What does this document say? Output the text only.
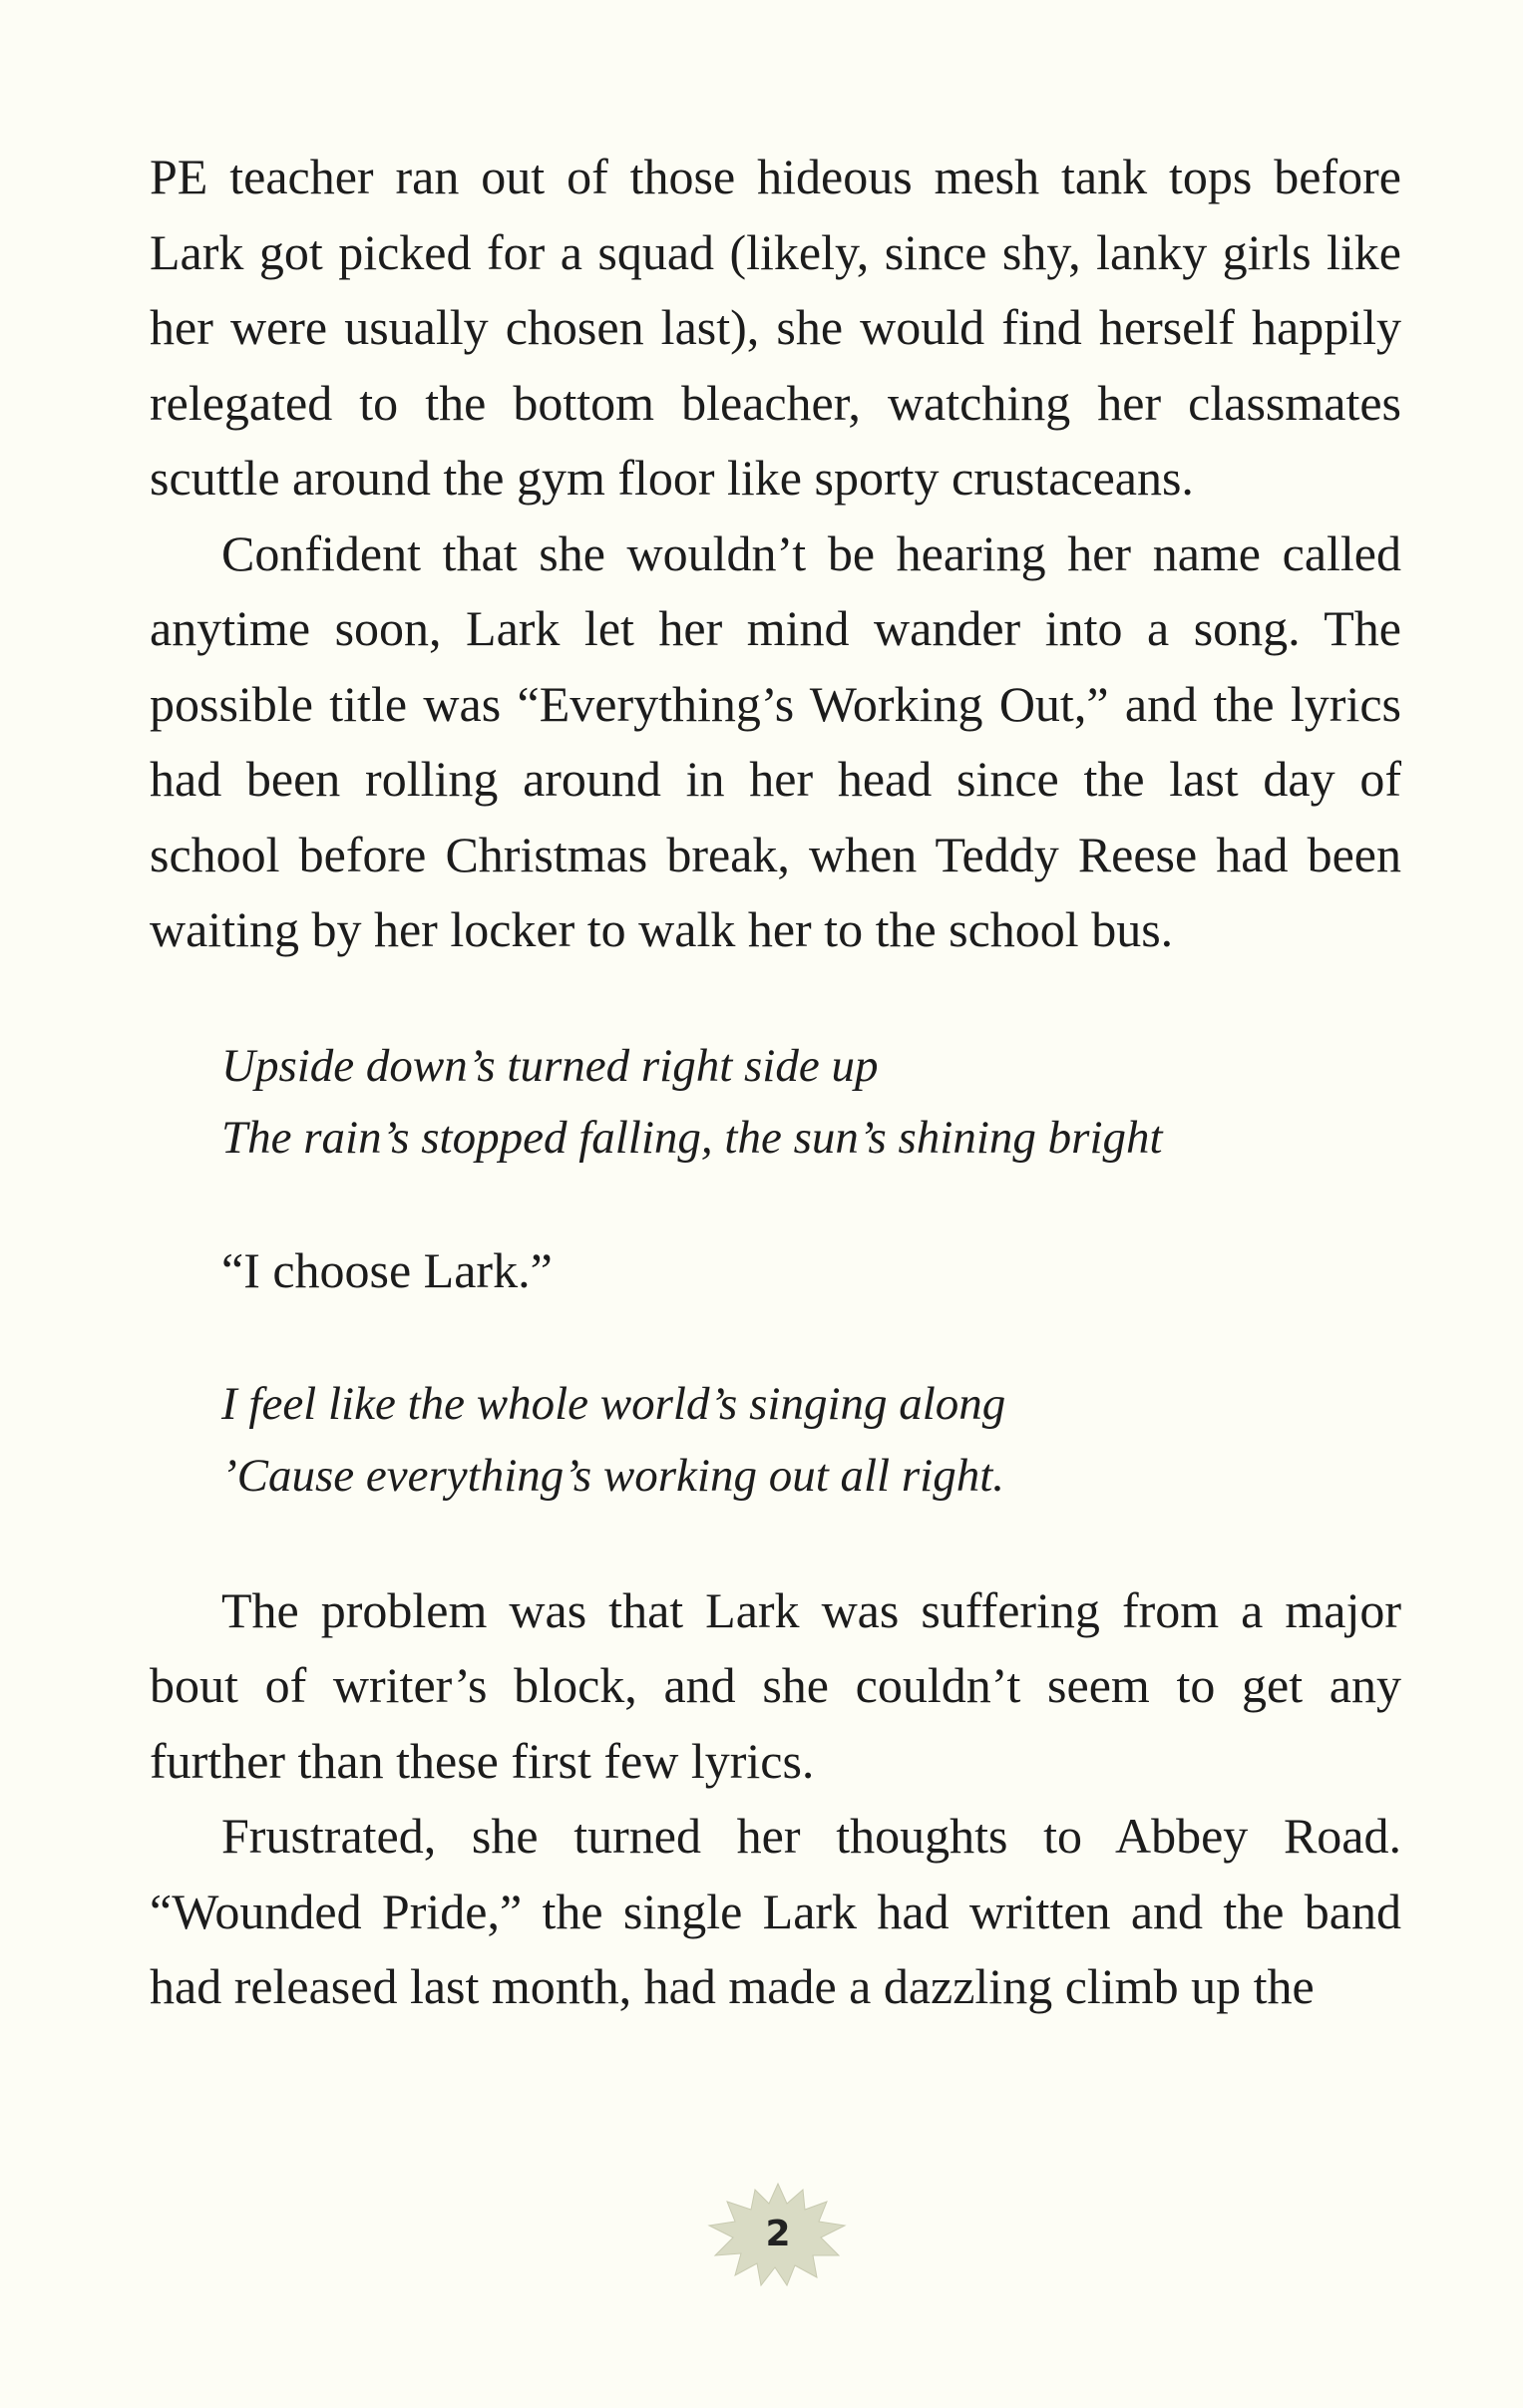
PE teacher ran out of those hideous mesh tank tops before Lark got picked for a squad (likely, since shy, lanky girls like her were usually chosen last), she would find herself happily relegated to the bottom bleacher, watching her classmates scuttle around the gym floor like sporty crustaceans.

Confident that she wouldn’t be hearing her name called anytime soon, Lark let her mind wander into a song. The possible title was “Everything’s Working Out,” and the lyrics had been rolling around in her head since the last day of school before Christmas break, when Teddy Reese had been waiting by her locker to walk her to the school bus.

Upside down’s turned right side up

The rain’s stopped falling, the sun’s shining bright

“I choose Lark.”

I feel like the whole world’s singing along

’Cause everything’s working out all right.

The problem was that Lark was suffering from a major bout of writer’s block, and she couldn’t seem to get any further than these first few lyrics.

Frustrated, she turned her thoughts to Abbey Road. “Wounded Pride,” the single Lark had written and the band had released last month, had made a dazzling climb up the

2
